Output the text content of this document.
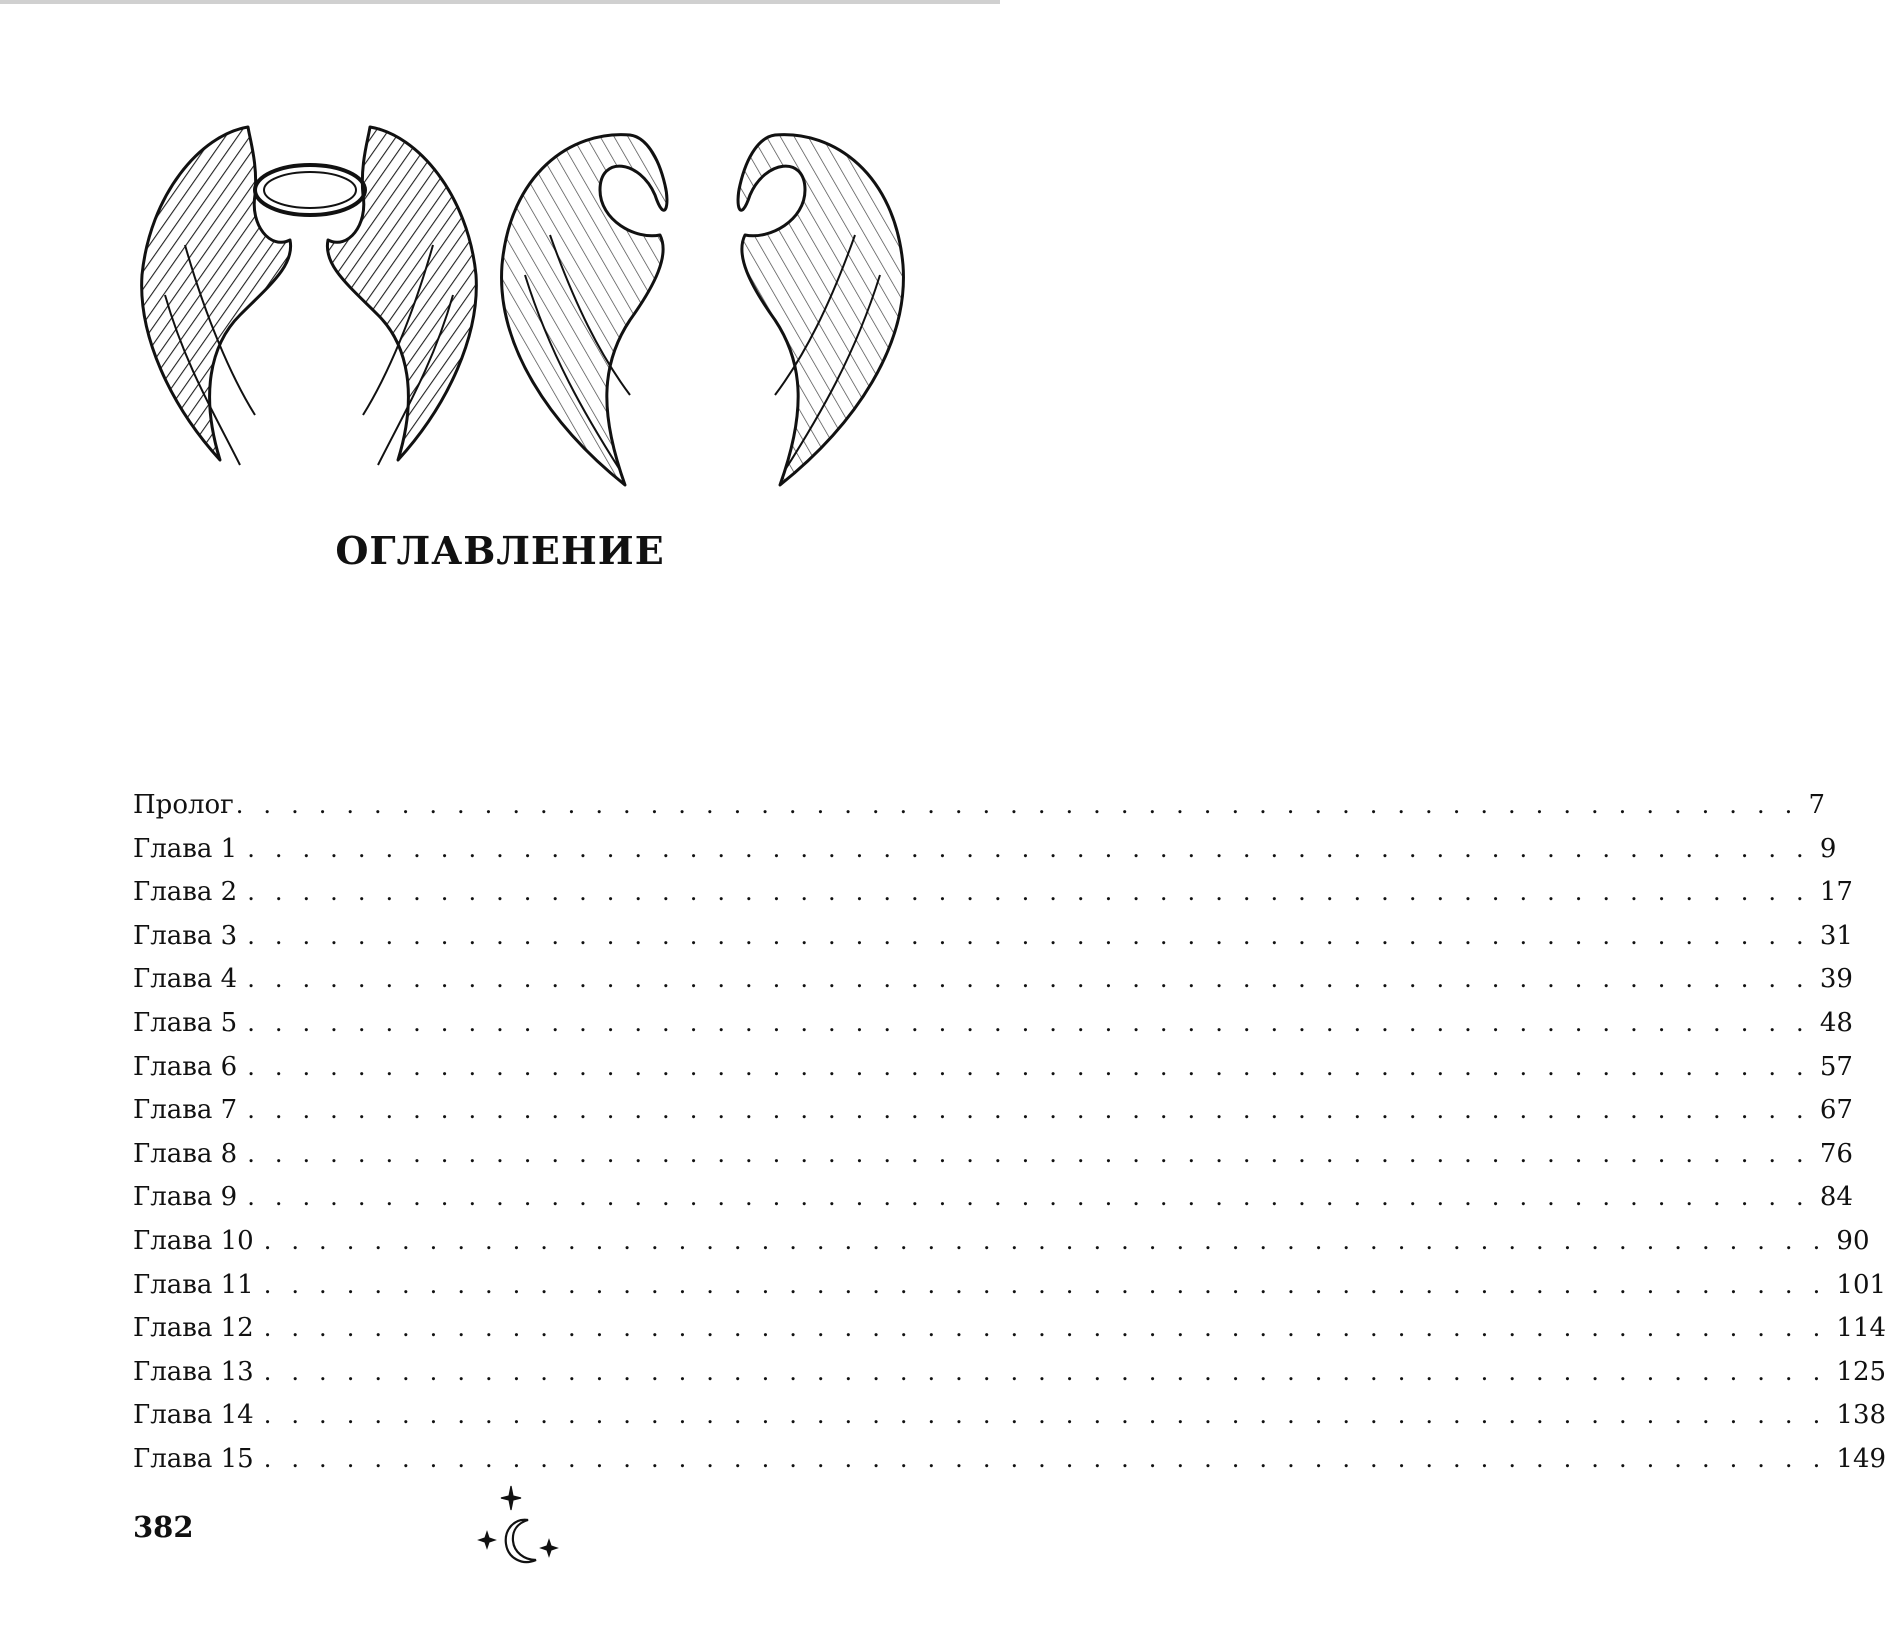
ОГЛАВЛЕНИЕ
Пролог . . . . . . . . . . . . . . . . . . . . . . . . . . . . . . . . . . . . . . . . . . . . . . . . . . . . . . . . . 7
Глава 1 . . . . . . . . . . . . . . . . . . . . . . . . . . . . . . . . . . . . . . . . . . . . . . . . . . . . . . . . . 9
Глава 2 . . . . . . . . . . . . . . . . . . . . . . . . . . . . . . . . . . . . . . . . . . . . . . . . . . . . . . . . . 17
Глава 3 . . . . . . . . . . . . . . . . . . . . . . . . . . . . . . . . . . . . . . . . . . . . . . . . . . . . . . . . . 31
Глава 4 . . . . . . . . . . . . . . . . . . . . . . . . . . . . . . . . . . . . . . . . . . . . . . . . . . . . . . . . . 39
Глава 5 . . . . . . . . . . . . . . . . . . . . . . . . . . . . . . . . . . . . . . . . . . . . . . . . . . . . . . . . . 48
Глава 6 . . . . . . . . . . . . . . . . . . . . . . . . . . . . . . . . . . . . . . . . . . . . . . . . . . . . . . . . . 57
Глава 7 . . . . . . . . . . . . . . . . . . . . . . . . . . . . . . . . . . . . . . . . . . . . . . . . . . . . . . . . . 67
Глава 8 . . . . . . . . . . . . . . . . . . . . . . . . . . . . . . . . . . . . . . . . . . . . . . . . . . . . . . . . . 76
Глава 9 . . . . . . . . . . . . . . . . . . . . . . . . . . . . . . . . . . . . . . . . . . . . . . . . . . . . . . . . . 84
Глава 10 . . . . . . . . . . . . . . . . . . . . . . . . . . . . . . . . . . . . . . . . . . . . . . . . . . . . . . . . . 90
Глава 11 . . . . . . . . . . . . . . . . . . . . . . . . . . . . . . . . . . . . . . . . . . . . . . . . . . . . . . . . . 101
Глава 12 . . . . . . . . . . . . . . . . . . . . . . . . . . . . . . . . . . . . . . . . . . . . . . . . . . . . . . . . . 114
Глава 13 . . . . . . . . . . . . . . . . . . . . . . . . . . . . . . . . . . . . . . . . . . . . . . . . . . . . . . . . . 125
Глава 14 . . . . . . . . . . . . . . . . . . . . . . . . . . . . . . . . . . . . . . . . . . . . . . . . . . . . . . . . . 138
Глава 15 . . . . . . . . . . . . . . . . . . . . . . . . . . . . . . . . . . . . . . . . . . . . . . . . . . . . . . . . . 149
382
